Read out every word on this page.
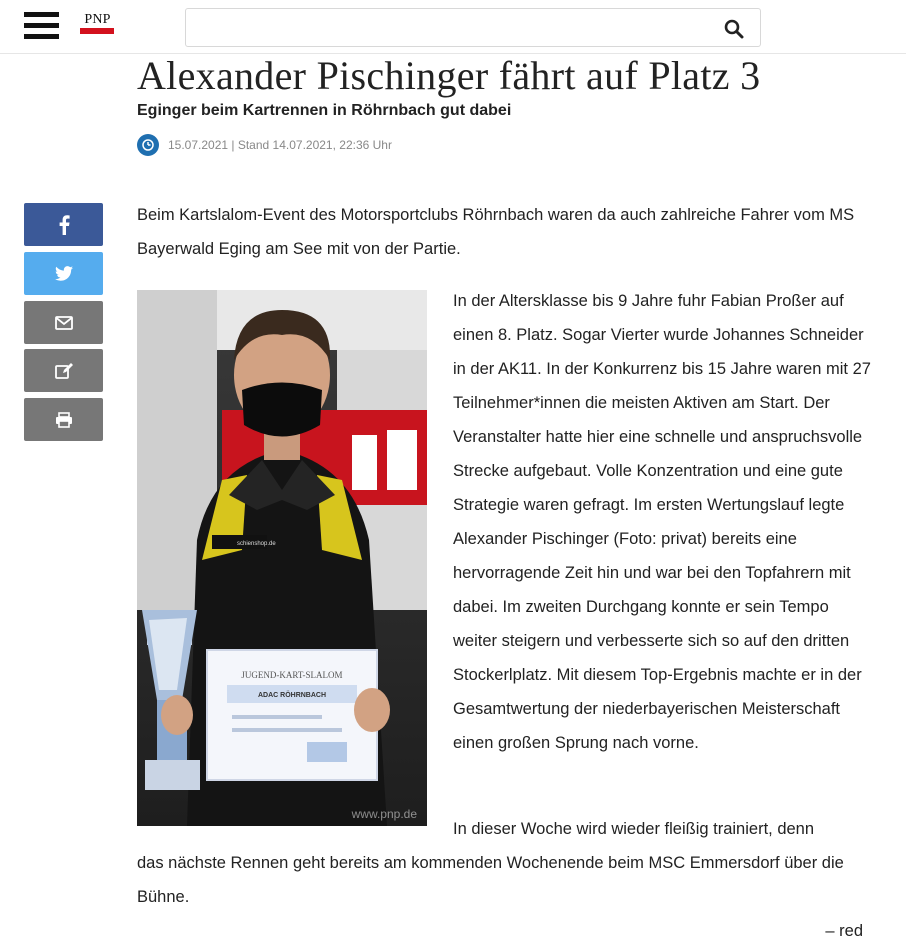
PNP
Alexander Pischinger fährt auf Platz 3
Eginger beim Kartrennen in Röhrnbach gut dabei
15.07.2021 | Stand 14.07.2021, 22:36 Uhr

Beim Kartslalom-Event des Motorsportclubs Röhrnbach waren da auch zahlreiche Fahrer vom MS Bayerwald Eging am See mit von der Partie.

JUGEND-KART-SLALOM
ADAC RÖHRNBACH
schienshop.de
www.pnp.de

In der Altersklasse bis 9 Jahre fuhr Fabian Proßer auf einen 8. Platz. Sogar Vierter wurde Johannes Schneider in der AK11. In der Konkurrenz bis 15 Jahre waren mit 27 Teilnehmer*innen die meisten Aktiven am Start. Der Veranstalter hatte hier eine schnelle und anspruchsvolle Strecke aufgebaut. Volle Konzentration und eine gute Strategie waren gefragt. Im ersten Wertungslauf legte Alexander Pischinger (Foto: privat) bereits eine hervorragende Zeit hin und war bei den Topfahrern mit dabei. Im zweiten Durchgang konnte er sein Tempo weiter steigern und verbesserte sich so auf den dritten Stockerlplatz. Mit diesem Top-Ergebnis machte er in der Gesamtwertung der niederbayerischen Meisterschaft einen großen Sprung nach vorne.

In dieser Woche wird wieder fleißig trainiert, denn

das nächste Rennen geht bereits am kommenden Wochenende beim MSC Emmersdorf über die Bühne.

– red
